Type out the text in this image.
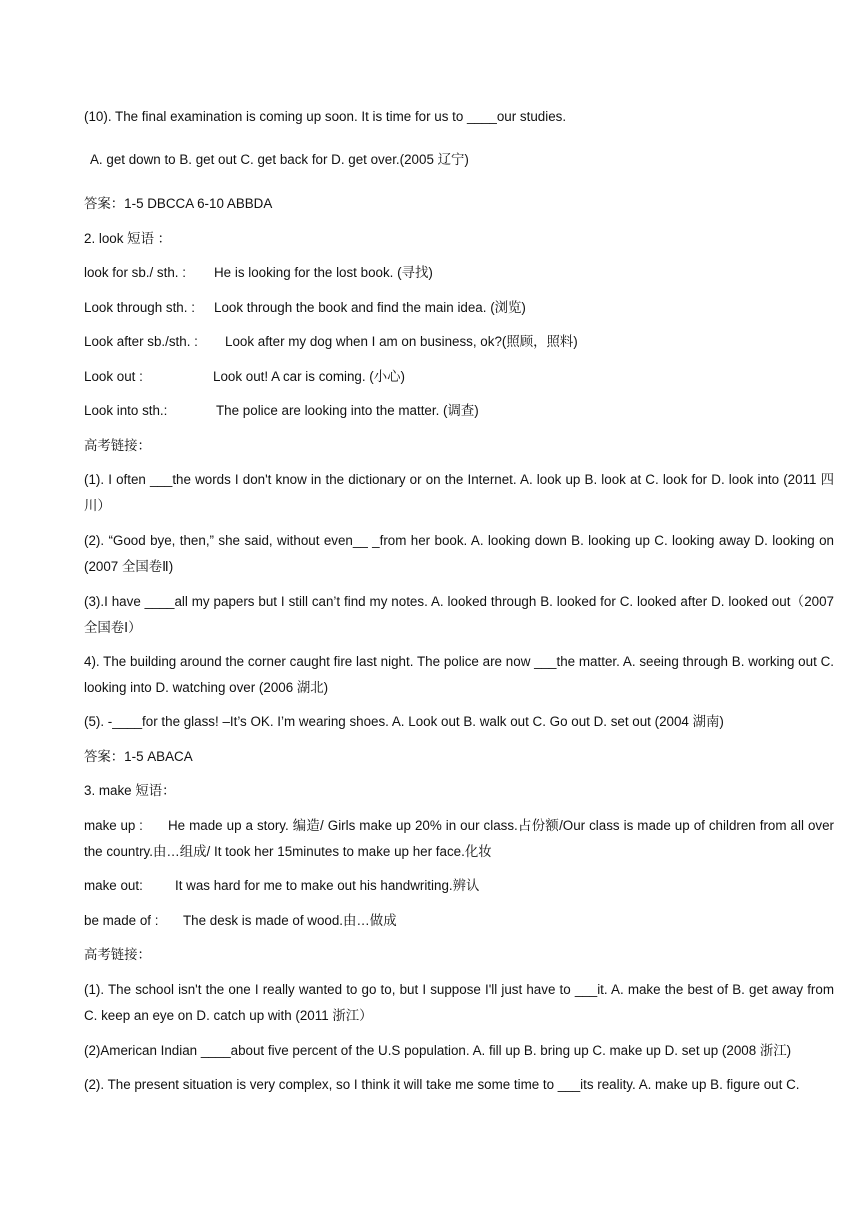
(10). The final examination is coming up soon. It is time for us to ____our studies.
A. get down to B. get out C. get back for D. get over.(2005 辽宁)
答案：1-5 DBCCA 6-10 ABBDA
2. look 短语 ：
look for sb./ sth. : He is looking for the lost book. (寻找)
Look through sth. : Look through the book and find the main idea. (浏览)
Look after sb./sth. : Look after my dog when I am on business, ok?(照顾，照料)
Look out :	Look out! A car is coming. (小心)
Look into sth.:	The police are looking into the matter. (调查)
高考链接：
(1). I often ___the words I don't know in the dictionary or on the Internet. A. look up B. look at C. look for D. look into (2011 四川）
(2). “Good bye, then,” she said, without even__ _from her book. A. looking down B. looking up C. looking away D. looking on (2007 全国卷Ⅱ)
(3).I have ____all my papers but I still can’t find my notes. A. looked through B. looked for C. looked after D. looked out（2007 全国卷Ⅰ）
4). The building around the corner caught fire last night. The police are now ___the matter. A. seeing through B. working out C. looking into D. watching over (2006 湖北)
(5). -____for the glass! –It’s OK. I’m wearing shoes. A. Look out B. walk out C. Go out D. set out (2004 湖南)
答案：1-5 ABACA
3. make 短语：
make up : He made up a story. 编造/ Girls make up 20% in our class.占份额/Our class is made up of children from all over the country.由…组成/ It took her 15minutes to make up her face.化妆
make out: It was hard for me to make out his handwriting.辨认
be made of : The desk is made of wood.由…做成
高考链接：
(1). The school isn't the one I really wanted to go to, but I suppose I'll just have to ___it. A. make the best of B. get away from C. keep an eye on D. catch up with (2011 浙江）
(2)American Indian ____about five percent of the U.S population. A. fill up B. bring up C. make up D. set up (2008 浙江)
(2). The present situation is very complex, so I think it will take me some time to ___its reality. A. make up B. figure out C.
